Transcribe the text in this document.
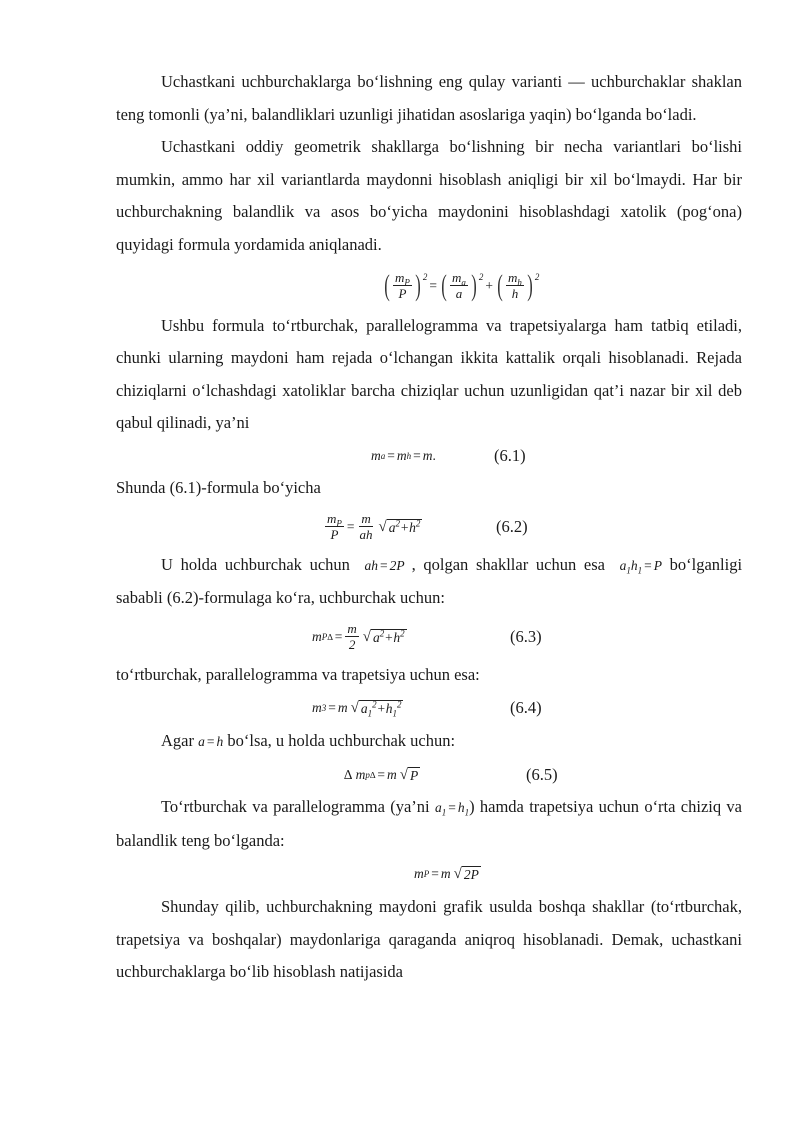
Uchastkani uchburchaklarga bo‘lishning eng qulay varianti — uchburchaklar shaklan teng tomonli (ya’ni, balandliklari uzunligi jihatidan asoslariga yaqin) bo‘lganda bo‘ladi.

Uchastkani oddiy geometrik shakllarga bo‘lishning bir necha variantlari bo‘lishi mumkin, ammo har xil variantlarda maydonni hisoblash aniqligi bir xil bo‘lmaydi. Har bir uchburchakning balandlik va asos bo‘yicha maydonini hisoblashdagi xatolik (pog‘ona) quyidagi formula yordamida aniqlanadi.

( $\frac{m_P}{P}$ ) 2
= ( $\frac{m_a}{a}$ ) 2
+ ( $\frac{m_h}{h}$ ) 2

Ushbu formula to‘rtburchak, parallelogramma va trapetsiyalarga ham tatbiq etiladi, chunki ularning maydoni ham rejada o‘lchangan ikkita kattalik orqali hisoblanadi. Rejada chiziqlarni o‘lchashdagi xatoliklar barcha chiziqlar uchun uzunligidan qat’i nazar bir xil deb qabul qilinadi, ya’ni

m a = m h = m .	(6.1)

Shunda (6.1)-formula bo‘yicha

$\frac{m_P}{P} = \frac{m}{ah}$ √ $a^2+h^2$	(6.2)

U holda uchburchak uchun  ah = 2P , qolgan shakllar uchun esa  $a_1h_1 = P$ bo‘lganligi sababli (6.2)-formulaga ko‘ra, uchburchak uchun:

m $P\Delta = \frac{m}{2}$ √ $a^2+h^2$	(6.3)

to‘rtburchak, parallelogramma va trapetsiya uchun esa:

m 3 = m √ $a_1^2+h_1^2$	(6.4)

Agar a = h bo‘lsa, u holda uchburchak uchun:

∆ m p∆ = m √ P	(6.5)

To‘rtburchak va parallelogramma (ya’ni $a_1 = h_1$) hamda trapetsiya uchun o‘rta chiziq va balandlik teng bo‘lganda:

m P = m √ 2P

Shunday qilib, uchburchakning maydoni grafik usulda boshqa shakllar (to‘rtburchak, trapetsiya va boshqalar) maydonlariga qaraganda aniqroq hisoblanadi. Demak, uchastkani uchburchaklarga bo‘lib hisoblash natijasida
